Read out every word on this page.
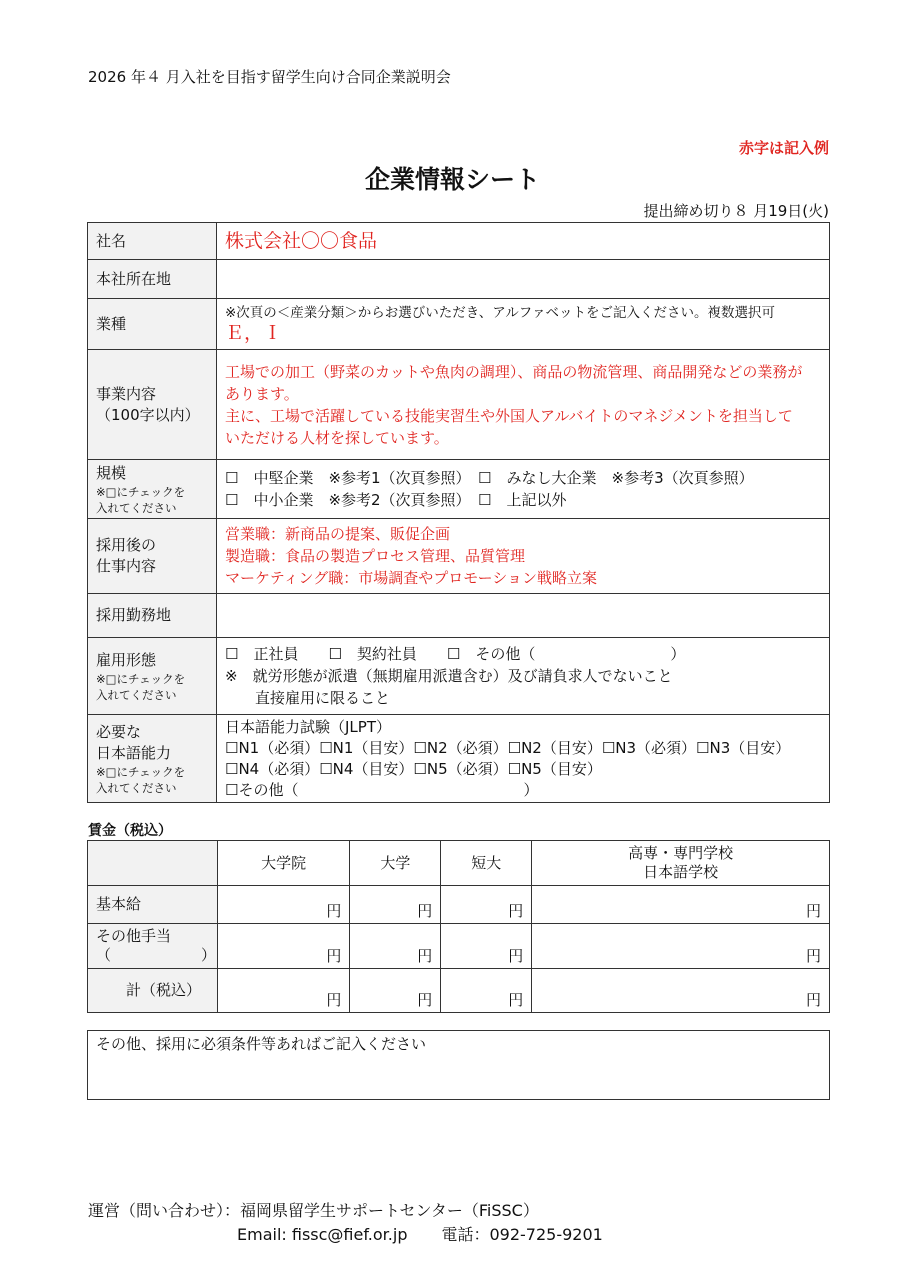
2026 年４ 月入社を目指す留学生向け合同企業説明会
赤字は記入例
企業情報シート
提出締め切り８ 月19日(火)
社名	株式会社〇〇食品
本社所在地	
業種	※次頁の＜産業分類＞からお選びいただき、アルファベットをご記入ください。複数選択可
Ｅ，Ｉ

事業内容
（100字以内）	工場での加工（野菜のカットや魚肉の調理）、商品の物流管理、商品開発などの業務が
あります。
主に、工場で活躍している技能実習生や外国人アルバイトのマネジメントを担当して
いただける人材を探しています。

規模
※□にチェックを
入れてください	☐　中堅企業　※参考1（次頁参照）　☐　みなし大企業　※参考3（次頁参照）
☐　中小企業　※参考2（次頁参照）　☐　上記以外

採用後の
仕事内容	営業職：新商品の提案、販促企画
製造職：食品の製造プロセス管理、品質管理
マーケティング職：市場調査やプロモーション戦略立案

採用勤務地	

雇用形態
※□にチェックを
入れてください	☐　正社員　　☐　契約社員　　☐　その他（　　　　　　　　　）
※　就労形態が派遣（無期雇用派遣含む）及び請負求人でないこと
　　直接雇用に限ること

必要な
日本語能力
※□にチェックを
入れてください	日本語能力試験（JLPT）
☐N1（必須）☐N1（目安）☐N2（必須）☐N2（目安）☐N3（必須）☐N3（目安）
☐N4（必須）☐N4（目安）☐N5（必須）☐N5（目安）
☐その他（　　　　　　　　　　　　　　　）
賃金（税込）
	大学院	大学	短大	高専・専門学校
日本語学校

基本給	円	円	円	円

その他手当
（　　　　　　）	円	円	円	円
　　計（税込）	円	円	円	円
その他、採用に必須条件等あればご記入ください
運営（問い合わせ）：福岡県留学生サポートセンター（FiSSC）
Email: fissc@fief.or.jp 電話：092-725-9201
